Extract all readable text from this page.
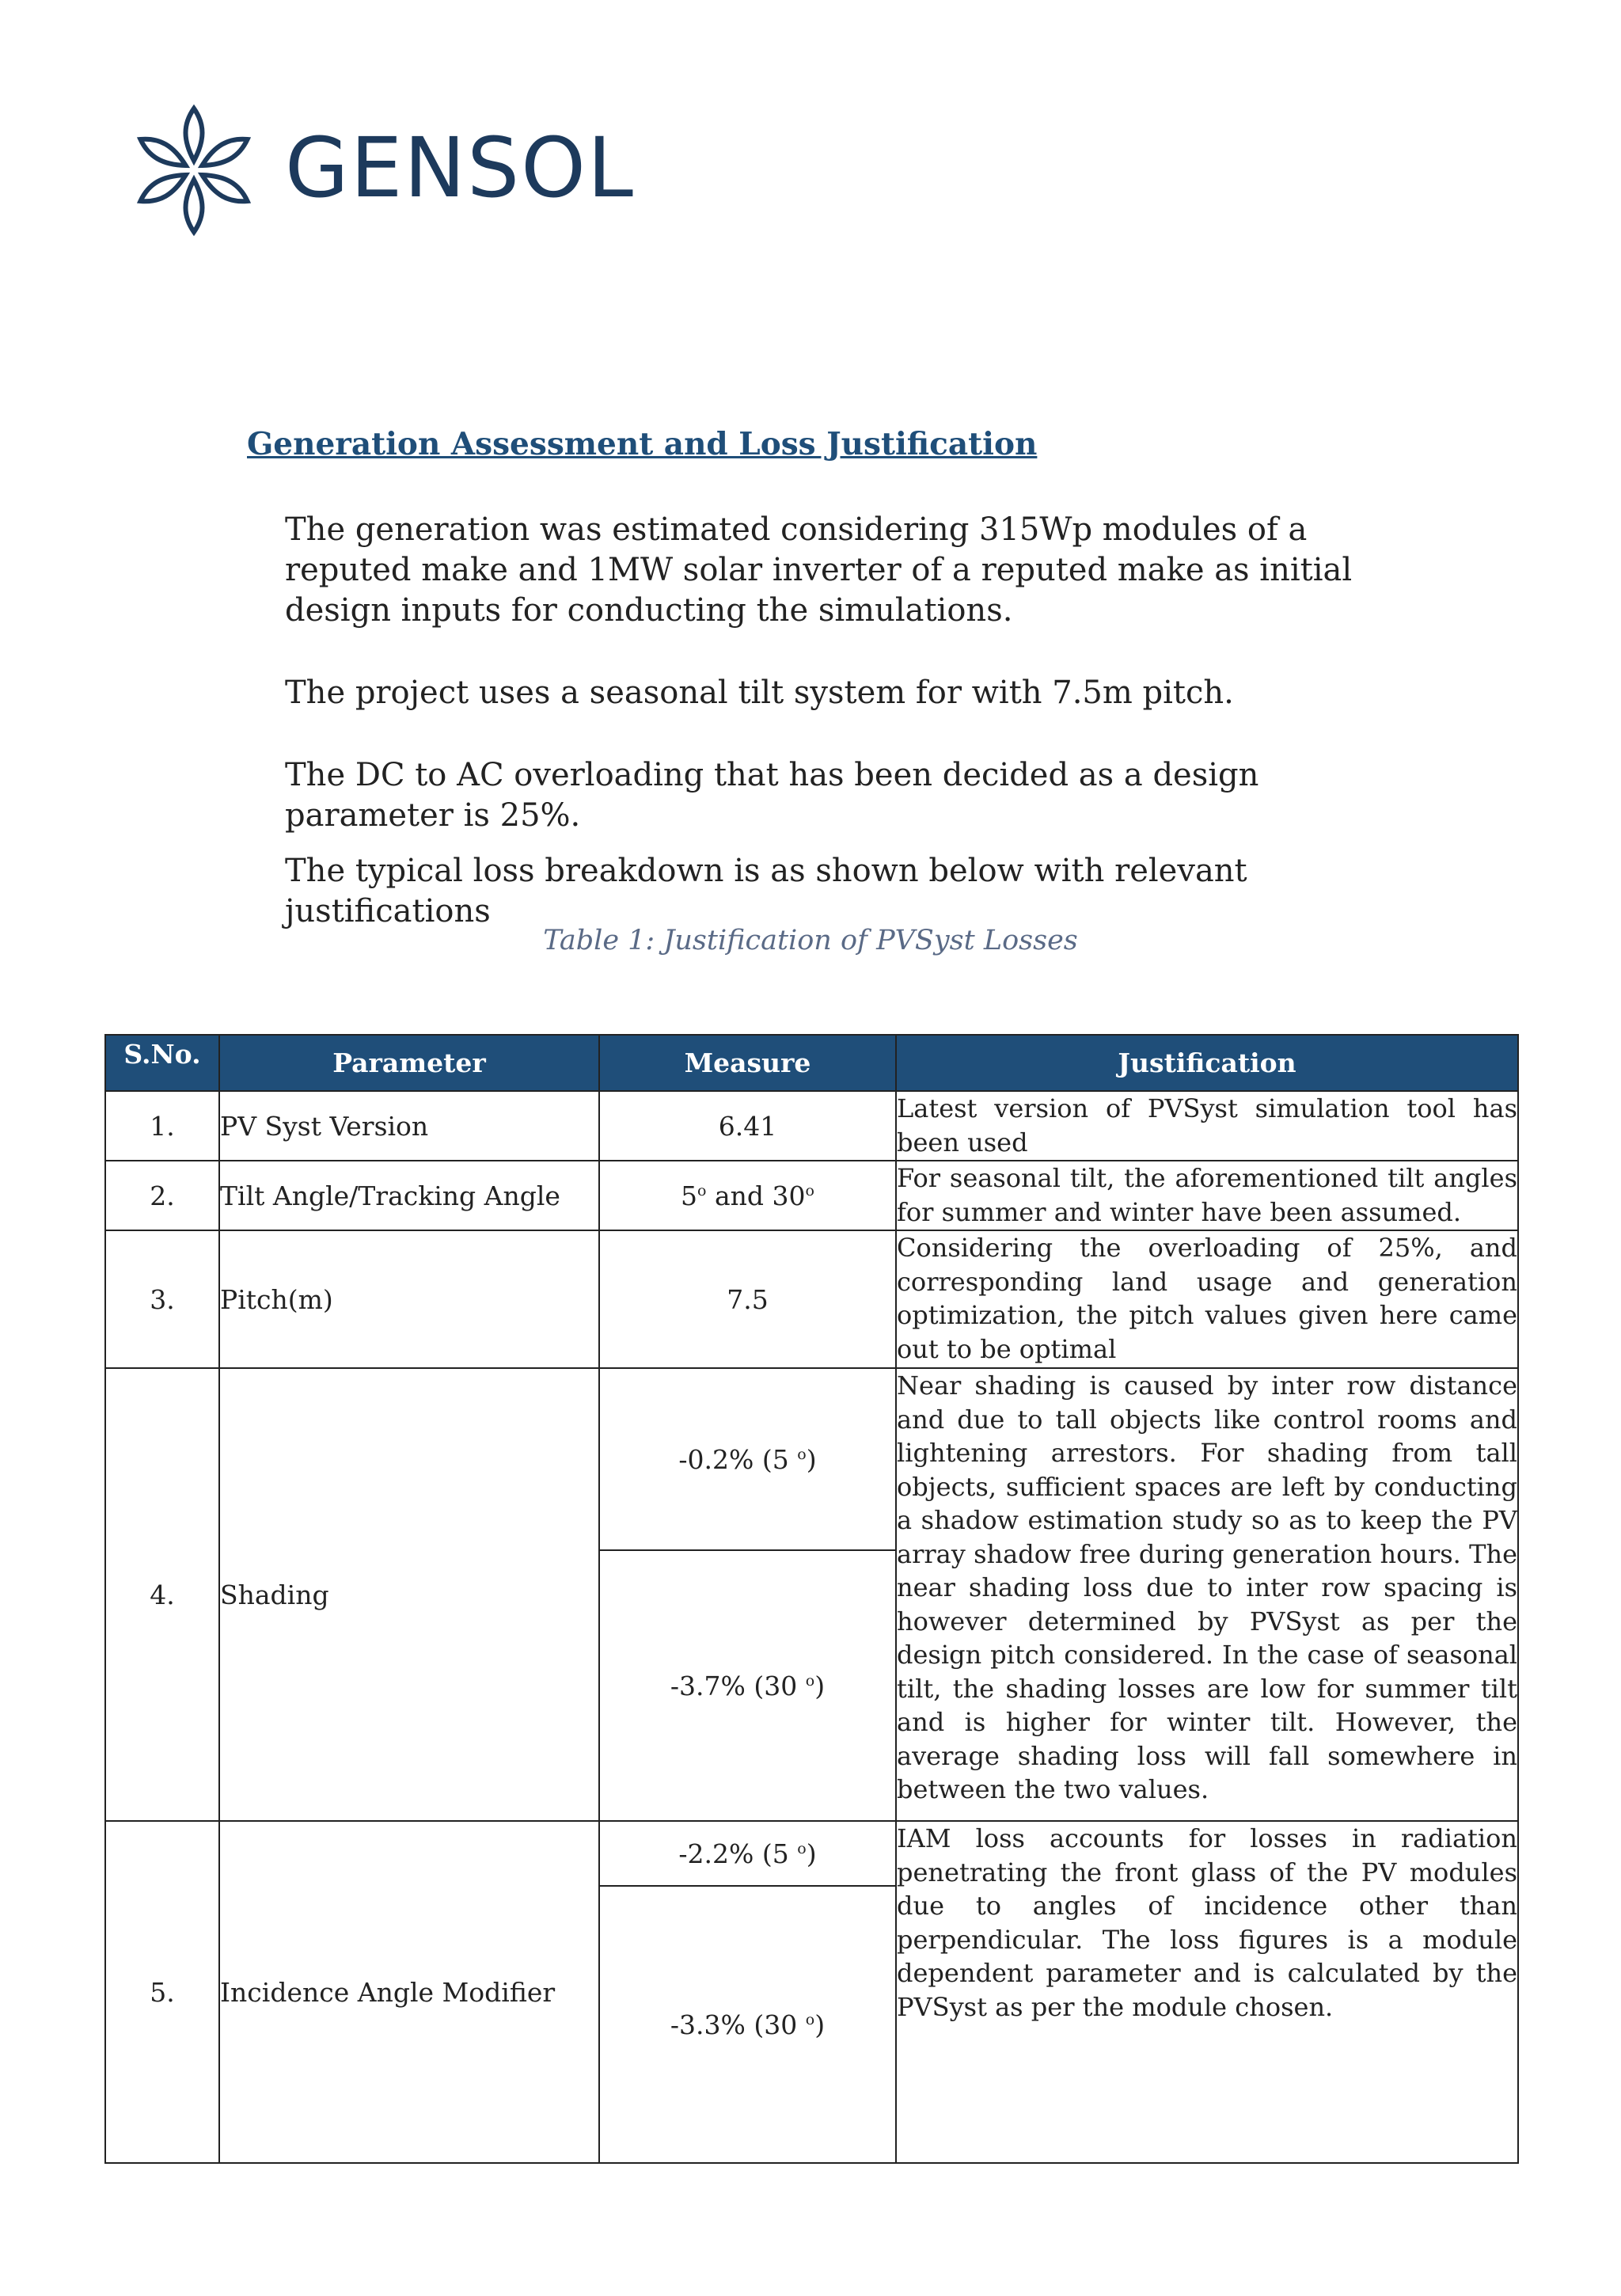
GENSOL
Generation Assessment and Loss Justification
The generation was estimated considering 315Wp modules of a reputed make and 1MW solar inverter of a reputed make as initial design inputs for conducting the simulations.
The project uses a seasonal tilt system for with 7.5m pitch.
The DC to AC overloading that has been decided as a design parameter is 25%.
The typical loss breakdown is as shown below with relevant justifications
Table 1: Justification of PVSyst Losses
S.No.	Parameter	Measure	Justification
1.	PV Syst Version	6.41	Latest version of PVSyst simulation tool has been used
2.	Tilt Angle/Tracking Angle	5$^o$ and 30$^o$	For seasonal tilt, the aforementioned tilt angles for summer and winter have been assumed.
3.	Pitch(m)	7.5	Considering the overloading of 25%, and corresponding land usage and generation optimization, the pitch values given here came out to be optimal
4.	Shading	-0.2% (5 $^o$)	Near shading is caused by inter row distance and due to tall objects like control rooms and lightening arrestors. For shading from tall objects, sufficient spaces are left by conducting a shadow estimation study so as to keep the PV array shadow free during generation hours. The near shading loss due to inter row spacing is however determined by PVSyst as per the design pitch considered. In the case of seasonal tilt, the shading losses are low for summer tilt and is higher for winter tilt. However, the average shading loss will fall somewhere in between the two values.
		-3.7% (30 $^o$)	
5.	Incidence Angle Modifier	-2.2% (5 $^o$)	IAM loss accounts for losses in radiation penetrating the front glass of the PV modules due to angles of incidence other than perpendicular. The loss figures is a module dependent parameter and is calculated by the PVSyst as per the module chosen.
		-3.3% (30 $^o$)	
